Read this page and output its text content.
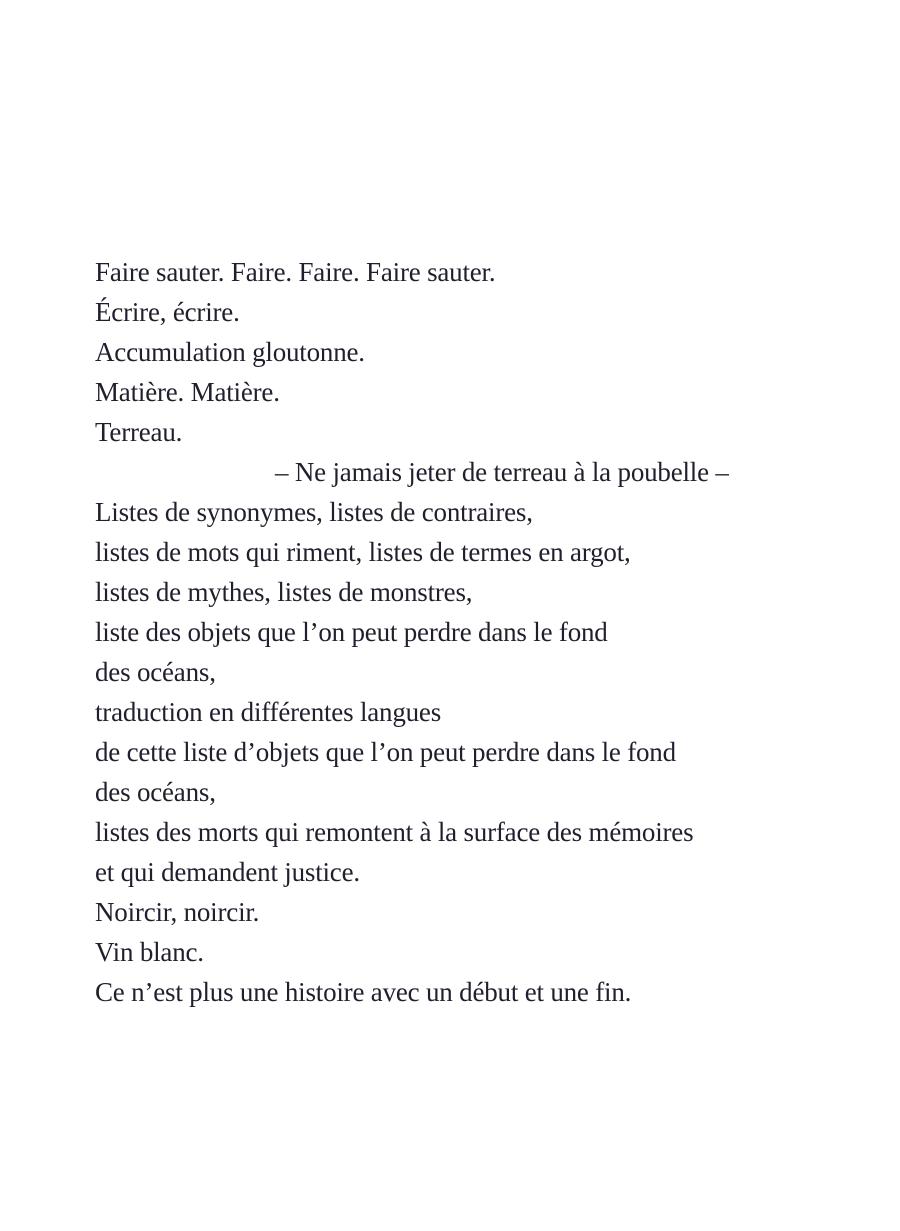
Faire sauter. Faire. Faire. Faire sauter.
Écrire, écrire.
Accumulation gloutonne.
Matière. Matière.
Terreau.
– Ne jamais jeter de terreau à la poubelle –
Listes de synonymes, listes de contraires,
listes de mots qui riment, listes de termes en argot,
listes de mythes, listes de monstres,
liste des objets que l’on peut perdre dans le fond
des océans,
traduction en différentes langues
de cette liste d’objets que l’on peut perdre dans le fond
des océans,
listes des morts qui remontent à la surface des mémoires
et qui demandent justice.
Noircir, noircir.
Vin blanc.
Ce n’est plus une histoire avec un début et une fin.
